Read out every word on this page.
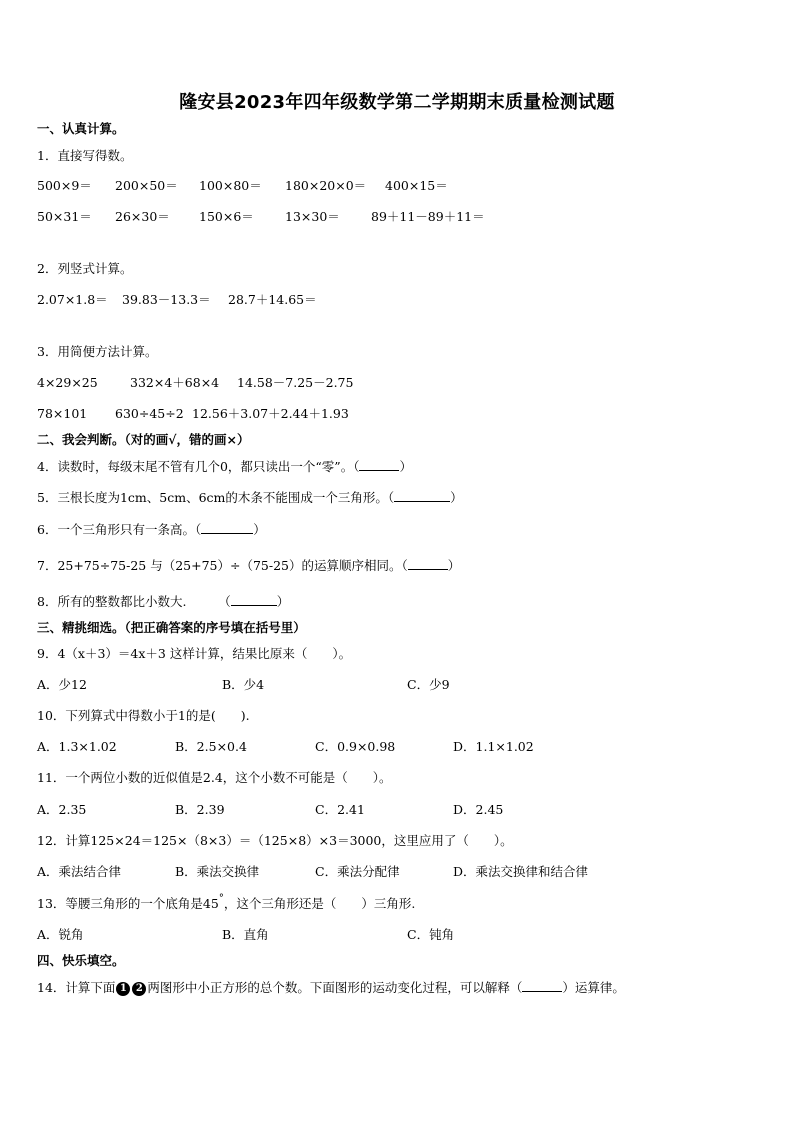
隆安县2023年四年级数学第二学期期末质量检测试题
一、认真计算。
1．直接写得数。
500×9＝ 200×50＝ 100×80＝ 180×20×0＝ 400×15＝
50×31＝ 26×30＝ 150×6＝ 13×30＝ 89＋11－89＋11＝
2．列竖式计算。
2.07×1.8＝ 39.83－13.3＝ 28.7＋14.65＝
3．用简便方法计算。
4×29×25	332×4＋68×4 14.58－7.25－2.75
78×101 630÷45÷2 12.56＋3.07＋2.44＋1.93
二、我会判断。（对的画√，错的画×）
4．读数时，每级末尾不管有几个0，都只读出一个“零”。（	）
5．三根长度为1cm、5cm、6cm的木条不能围成一个三角形。（	）
6．一个三角形只有一条高。（	）
7．25+75÷75-25 与（25+75）÷（75-25）的运算顺序相同。（	）
8．所有的整数都比小数大.        （	）
三、精挑细选。（把正确答案的序号填在括号里）
9．4（x＋3）＝4x＋3 这样计算，结果比原来（　　）。
A．少12	B．少4	C．少9
10．下列算式中得数小于1的是(　　).
A．1.3×1.02	B．2.5×0.4	C．0.9×0.98	D．1.1×1.02
11．一个两位小数的近似值是2.4，这个小数不可能是（　　）。
A．2.35	B．2.39	C．2.41	D．2.45
12．计算125×24＝125×（8×3）＝（125×8）×3＝3000，这里应用了（　　）。
A．乘法结合律	B．乘法交换律	C．乘法分配律	D．乘法交换律和结合律
13．等腰三角形的一个底角是45°，这个三角形还是（　　）三角形.
A．锐角	B．直角	C．钝角
四、快乐填空。
14．计算下面 1 2 两图形中小正方形的总个数。下面图形的运动变化过程，可以解释（	）运算律。
